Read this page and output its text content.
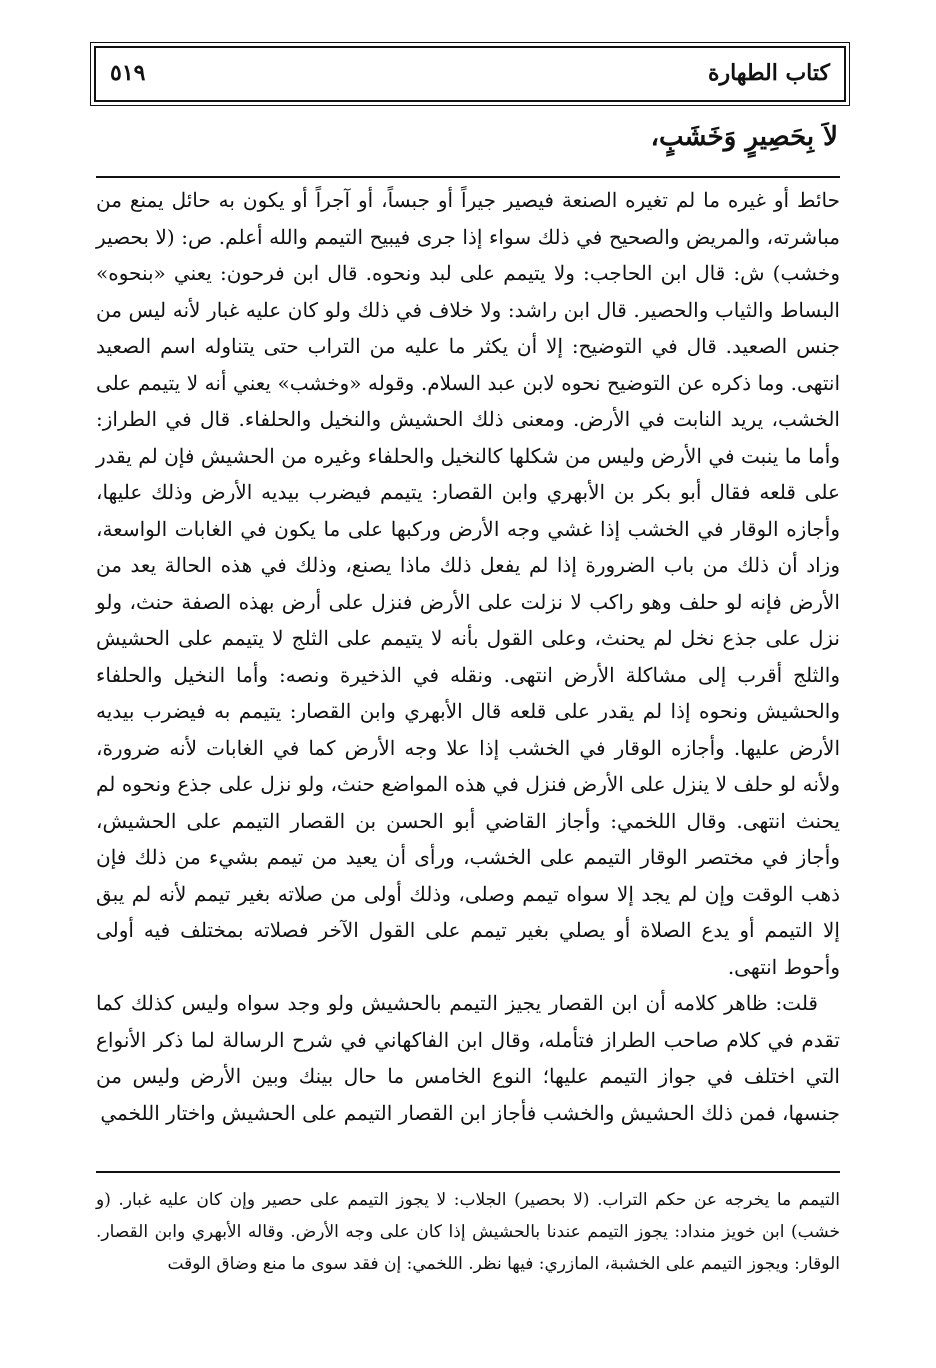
كتاب الطهارة
٥١٩
لاَ بِحَصِيرٍ وَخَشَبٍ،

حائط أو غيره ما لم تغيره الصنعة فيصير جيراً أو جبساً، أو آجراً أو يكون به حائل يمنع من مباشرته، والمريض والصحيح في ذلك سواء إذا جرى فيبيح التيمم والله أعلم. ص: (لا بحصير وخشب) ش: قال ابن الحاجب: ولا يتيمم على لبد ونحوه. قال ابن فرحون: يعني «بنحوه» البساط والثياب والحصير. قال ابن راشد: ولا خلاف في ذلك ولو كان عليه غبار لأنه ليس من جنس الصعيد. قال في التوضيح: إلا أن يكثر ما عليه من التراب حتى يتناوله اسم الصعيد انتهى. وما ذكره عن التوضيح نحوه لابن عبد السلام. وقوله «وخشب» يعني أنه لا يتيمم على الخشب، يريد النابت في الأرض. ومعنى ذلك الحشيش والنخيل والحلفاء. قال في الطراز: وأما ما ينبت في الأرض وليس من شكلها كالنخيل والحلفاء وغيره من الحشيش فإن لم يقدر على قلعه فقال أبو بكر بن الأبهري وابن القصار: يتيمم فيضرب بيديه الأرض وذلك عليها، وأجازه الوقار في الخشب إذا غشي وجه الأرض وركبها على ما يكون في الغابات الواسعة، وزاد أن ذلك من باب الضرورة إذا لم يفعل ذلك ماذا يصنع، وذلك في هذه الحالة يعد من الأرض فإنه لو حلف وهو راكب لا نزلت على الأرض فنزل على أرض بهذه الصفة حنث، ولو نزل على جذع نخل لم يحنث، وعلى القول بأنه لا يتيمم على الثلج لا يتيمم على الحشيش والثلج أقرب إلى مشاكلة الأرض انتهى. ونقله في الذخيرة ونصه: وأما النخيل والحلفاء والحشيش ونحوه إذا لم يقدر على قلعه قال الأبهري وابن القصار: يتيمم به فيضرب بيديه الأرض عليها. وأجازه الوقار في الخشب إذا علا وجه الأرض كما في الغابات لأنه ضرورة، ولأنه لو حلف لا ينزل على الأرض فنزل في هذه المواضع حنث، ولو نزل على جذع ونحوه لم يحنث انتهى. وقال اللخمي: وأجاز القاضي أبو الحسن بن القصار التيمم على الحشيش، وأجاز في مختصر الوقار التيمم على الخشب، ورأى أن يعيد من تيمم بشيء من ذلك فإن ذهب الوقت وإن لم يجد إلا سواه تيمم وصلى، وذلك أولى من صلاته بغير تيمم لأنه لم يبق إلا التيمم أو يدع الصلاة أو يصلي بغير تيمم على القول الآخر فصلاته بمختلف فيه أولى وأحوط انتهى.

قلت: ظاهر كلامه أن ابن القصار يجيز التيمم بالحشيش ولو وجد سواه وليس كذلك كما تقدم في كلام صاحب الطراز فتأمله، وقال ابن الفاكهاني في شرح الرسالة لما ذكر الأنواع التي اختلف في جواز التيمم عليها؛ النوع الخامس ما حال بينك وبين الأرض وليس من جنسها، فمن ذلك الحشيش والخشب فأجاز ابن القصار التيمم على الحشيش واختار اللخمي

التيمم ما يخرجه عن حكم التراب. (لا بحصير) الجلاب: لا يجوز التيمم على حصير وإن كان عليه غبار. (و خشب) ابن خويز منداد: يجوز التيمم عندنا بالحشيش إذا كان على وجه الأرض. وقاله الأبهري وابن القصار. الوقار: ويجوز التيمم على الخشبة، المازري: فيها نظر. اللخمي: إن فقد سوى ما منع وضاق الوقت
